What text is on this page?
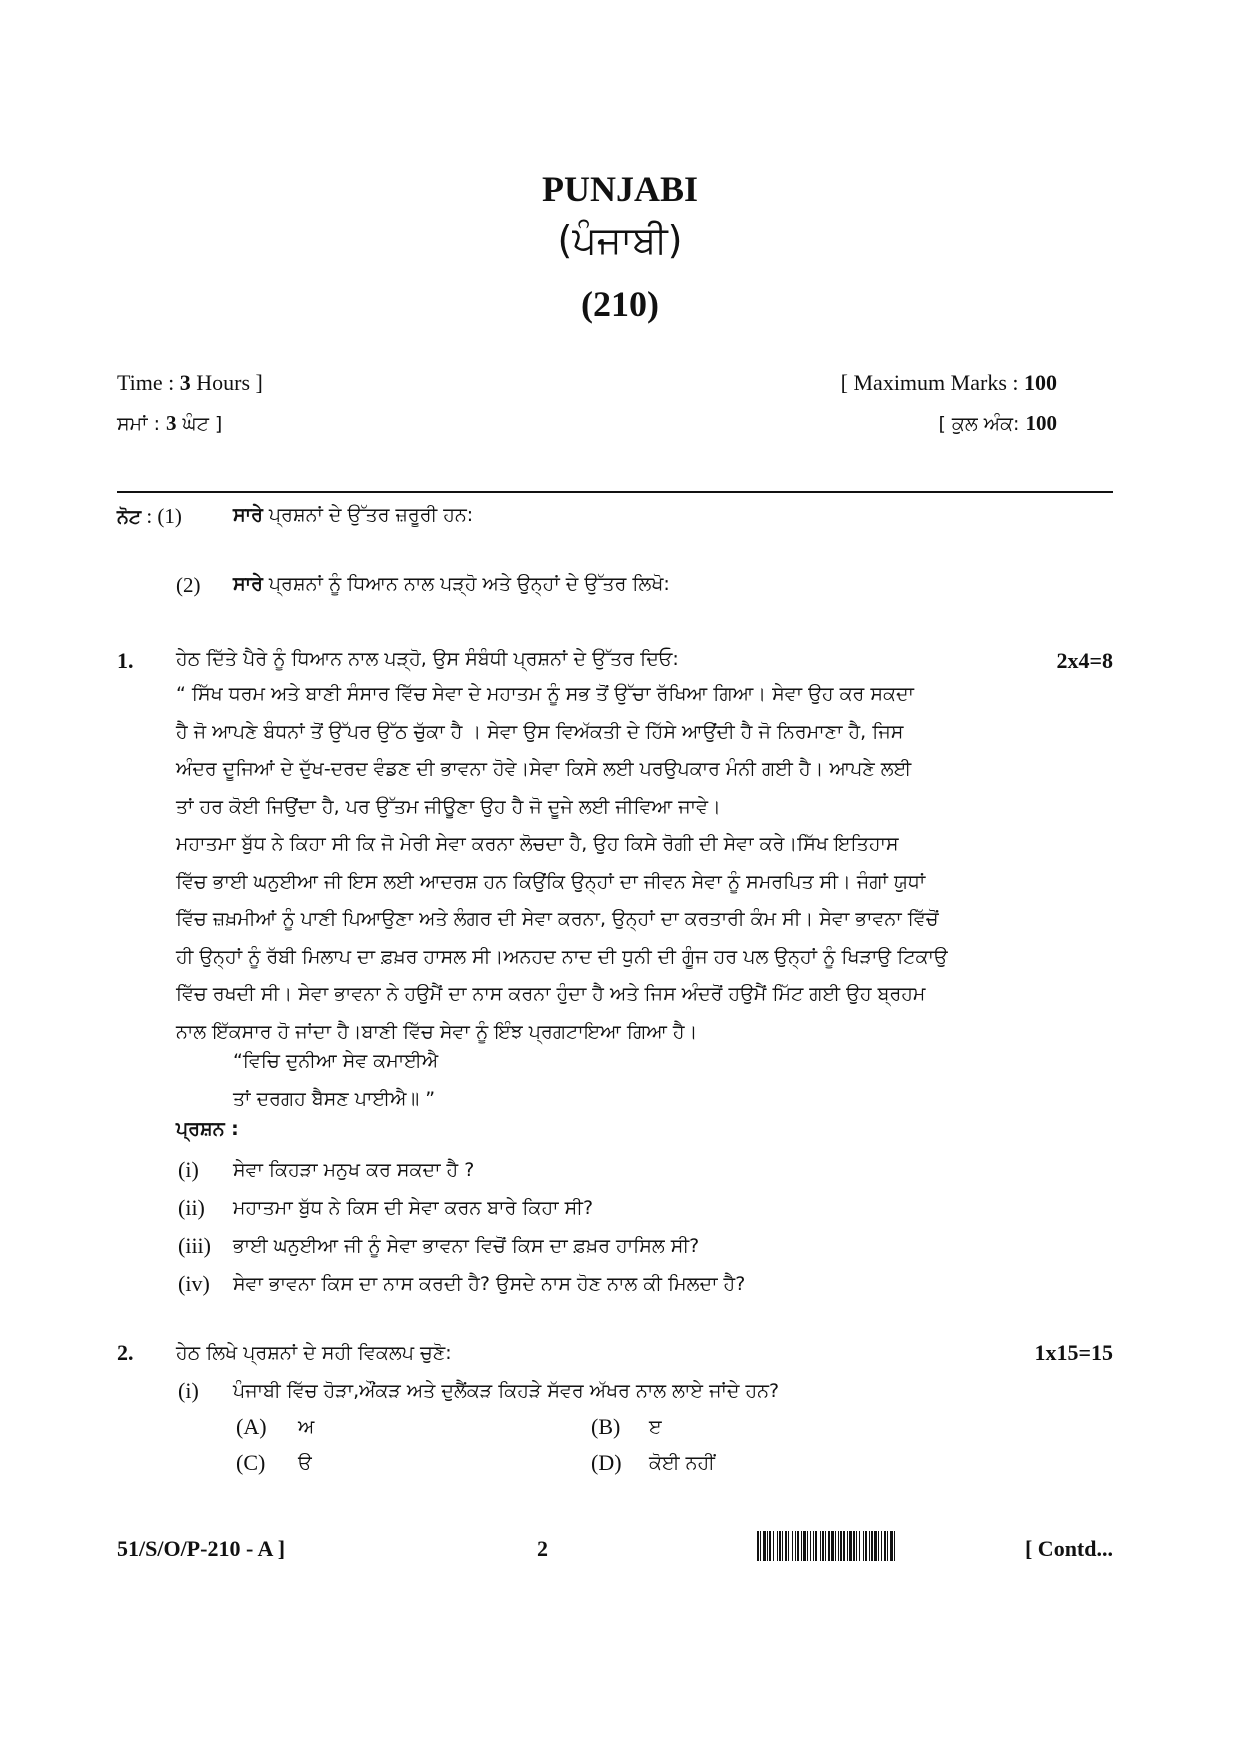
PUNJABI
(ਪੰਜਾਬੀ)
(210)
Time : 3 Hours ]	[ Maximum Marks : 100
ਸਮਾਂ : 3 ਘੰਟ ]	[ ਕੁਲ ਅੰਕ: 100
ਨੋਟ : (1)	ਸਾਰੇ ਪ੍ਰਸ਼ਨਾਂ ਦੇ ਉੱਤਰ ਜ਼ਰੂਰੀ ਹਨ:
(2) ਸਾਰੇ ਪ੍ਰਸ਼ਨਾਂ ਨੂੰ ਧਿਆਨ ਨਾਲ ਪੜ੍ਹੋ ਅਤੇ ਉਨ੍ਹਾਂ ਦੇ ਉੱਤਰ ਲਿਖੋ:
1. ਹੇਠ ਦਿੱਤੇ ਪੈਰੇ ਨੂੰ ਧਿਆਨ ਨਾਲ ਪੜ੍ਹੋ, ਉਸ ਸੰਬੰਧੀ ਪ੍ਰਸ਼ਨਾਂ ਦੇ ਉੱਤਰ ਦਿਓ:	2x4=8

“ ਸਿੱਖ ਧਰਮ ਅਤੇ ਬਾਣੀ ਸੰਸਾਰ ਵਿੱਚ ਸੇਵਾ ਦੇ ਮਹਾਤਮ ਨੂੰ ਸਭ ਤੋਂ ਉੱਚਾ ਰੱਖਿਆ ਗਿਆ। ਸੇਵਾ ਉਹ ਕਰ ਸਕਦਾ

ਹੈ ਜੋ ਆਪਣੇ ਬੰਧਨਾਂ ਤੋਂ ਉੱਪਰ ਉੱਠ ਚੁੱਕਾ ਹੈ । ਸੇਵਾ ਉਸ ਵਿਅੱਕਤੀ ਦੇ ਹਿੱਸੇ ਆਉਂਦੀ ਹੈ ਜੋ ਨਿਰਮਾਣਾ ਹੈ, ਜਿਸ

ਅੰਦਰ ਦੂਜਿਆਂ ਦੇ ਦੁੱਖ-ਦਰਦ ਵੰਡਣ ਦੀ ਭਾਵਨਾ ਹੋਵੇ।ਸੇਵਾ ਕਿਸੇ ਲਈ ਪਰਉਪਕਾਰ ਮੰਨੀ ਗਈ ਹੈ। ਆਪਣੇ ਲਈ

ਤਾਂ ਹਰ ਕੋਈ ਜਿਉਂਦਾ ਹੈ, ਪਰ ਉੱਤਮ ਜੀਊਣਾ ਉਹ ਹੈ ਜੋ ਦੂਜੇ ਲਈ ਜੀਵਿਆ ਜਾਵੇ।

ਮਹਾਤਮਾ ਬੁੱਧ ਨੇ ਕਿਹਾ ਸੀ ਕਿ ਜੋ ਮੇਰੀ ਸੇਵਾ ਕਰਨਾ ਲੋਚਦਾ ਹੈ, ਉਹ ਕਿਸੇ ਰੋਗੀ ਦੀ ਸੇਵਾ ਕਰੇ।ਸਿੱਖ ਇਤਿਹਾਸ

ਵਿੱਚ ਭਾਈ ਘਨੁਈਆ ਜੀ ਇਸ ਲਈ ਆਦਰਸ਼ ਹਨ ਕਿਉਂਕਿ ਉਨ੍ਹਾਂ ਦਾ ਜੀਵਨ ਸੇਵਾ ਨੂੰ ਸਮਰਪਿਤ ਸੀ। ਜੰਗਾਂ ਯੁਧਾਂ

ਵਿੱਚ ਜ਼ਖ਼ਮੀਆਂ ਨੂੰ ਪਾਣੀ ਪਿਆਉਣਾ ਅਤੇ ਲੰਗਰ ਦੀ ਸੇਵਾ ਕਰਨਾ, ਉਨ੍ਹਾਂ ਦਾ ਕਰਤਾਰੀ ਕੰਮ ਸੀ। ਸੇਵਾ ਭਾਵਨਾ ਵਿੱਚੋਂ

ਹੀ ਉਨ੍ਹਾਂ ਨੂੰ ਰੱਬੀ ਮਿਲਾਪ ਦਾ ਫ਼ਖ਼ਰ ਹਾਸਲ ਸੀ।ਅਨਹਦ ਨਾਦ ਦੀ ਧੁਨੀ ਦੀ ਗੂੰਜ ਹਰ ਪਲ ਉਨ੍ਹਾਂ ਨੂੰ ਖਿੜਾਉ ਟਿਕਾਉ

ਵਿੱਚ ਰਖਦੀ ਸੀ। ਸੇਵਾ ਭਾਵਨਾ ਨੇ ਹਉਮੈਂ ਦਾ ਨਾਸ ਕਰਨਾ ਹੁੰਦਾ ਹੈ ਅਤੇ ਜਿਸ ਅੰਦਰੋਂ ਹਉਮੈਂ ਮਿੱਟ ਗਈ ਉਹ ਬ੍ਰਹਮ

ਨਾਲ ਇੱਕਸਾਰ ਹੋ ਜਾਂਦਾ ਹੈ।ਬਾਣੀ ਵਿੱਚ ਸੇਵਾ ਨੂੰ ਇੰਝ ਪ੍ਰਗਟਾਇਆ ਗਿਆ ਹੈ।

“ਵਿਚਿ ਦੁਨੀਆ ਸੇਵ ਕਮਾਈਐ

ਤਾਂ ਦਰਗਹ ਬੈਸਣ ਪਾਈਐ॥ ”

ਪ੍ਰਸ਼ਨ :
(i) ਸੇਵਾ ਕਿਹੜਾ ਮਨੁਖ ਕਰ ਸਕਦਾ ਹੈ ?
(ii) ਮਹਾਤਮਾ ਬੁੱਧ ਨੇ ਕਿਸ ਦੀ ਸੇਵਾ ਕਰਨ ਬਾਰੇ ਕਿਹਾ ਸੀ?
(iii) ਭਾਈ ਘਨੁਈਆ ਜੀ ਨੂੰ ਸੇਵਾ ਭਾਵਨਾ ਵਿਚੋਂ ਕਿਸ ਦਾ ਫ਼ਖ਼ਰ ਹਾਸਿਲ ਸੀ?
(iv) ਸੇਵਾ ਭਾਵਨਾ ਕਿਸ ਦਾ ਨਾਸ ਕਰਦੀ ਹੈ? ਉਸਦੇ ਨਾਸ ਹੋਣ ਨਾਲ ਕੀ ਮਿਲਦਾ ਹੈ?
2. ਹੇਠ ਲਿਖੇ ਪ੍ਰਸ਼ਨਾਂ ਦੇ ਸਹੀ ਵਿਕਲਪ ਚੁਣੋ:	1x15=15
(i) ਪੰਜਾਬੀ ਵਿੱਚ ਹੋੜਾ,ਔਂਕੜ ਅਤੇ ਦੁਲੈਂਕੜ ਕਿਹੜੇ ਸੱਵਰ ਅੱਖਰ ਨਾਲ ਲਾਏ ਜਾਂਦੇ ਹਨ?
(A) ਅ	(B) ੲ
(C) ੳ	(D) ਕੋਈ ਨਹੀਂ
51/S/O/P-210 - A ]	2	[ Contd...
